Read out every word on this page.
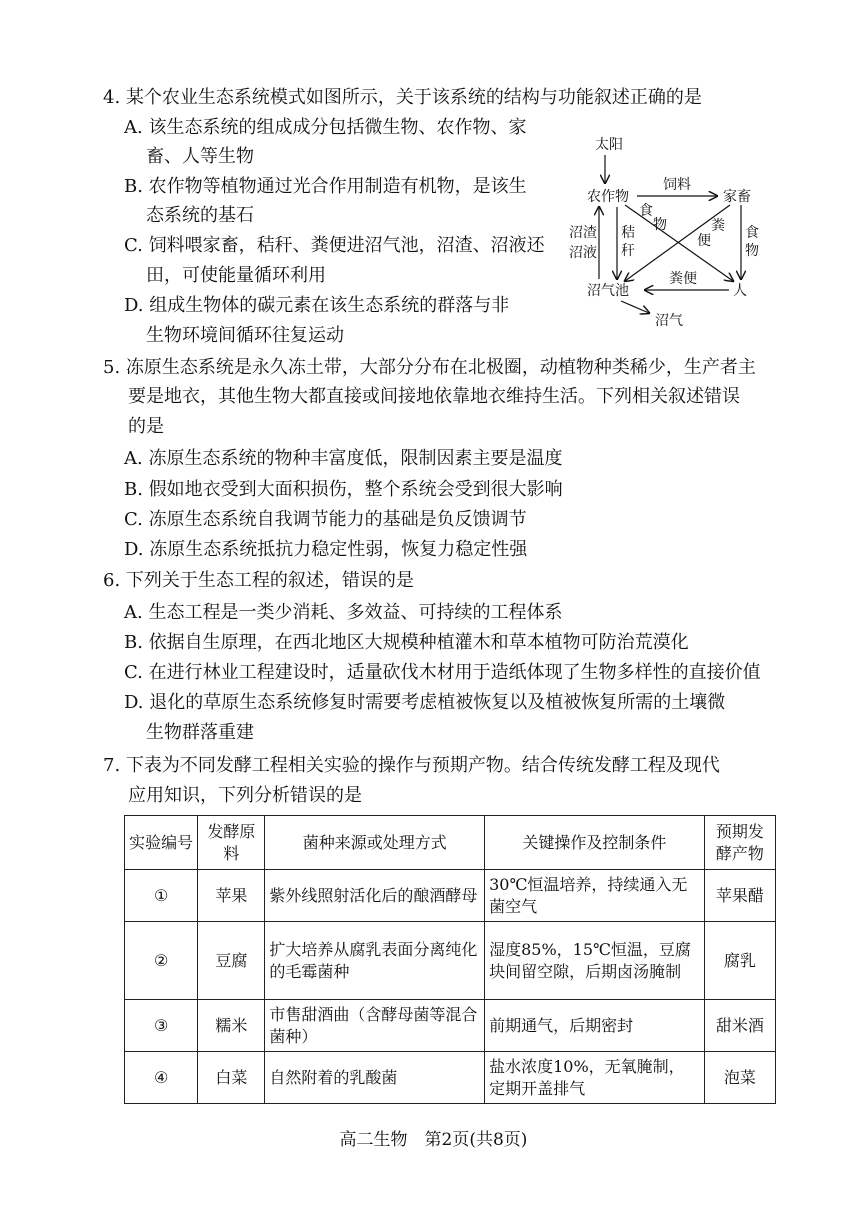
4. 某个农业生态系统模式如图所示，关于该系统的结构与功能叙述正确的是
A. 该生态系统的组成成分包括微生物、农作物、家
畜、人等生物
B. 农作物等植物通过光合作用制造有机物，是该生
态系统的基石
C. 饲料喂家畜，秸秆、粪便进沼气池，沼渣、沼液还
田，可使能量循环利用
D. 组成生物体的碳元素在该生态系统的群落与非
生物环境间循环往复运动
太阳
农作物	家畜
沼气池	人
饲料
食
物	粪
便
沼渣
沼液
秸
秆
食
物
粪便
沼气
5. 冻原生态系统是永久冻土带，大部分分布在北极圈，动植物种类稀少，生产者主
要是地衣，其他生物大都直接或间接地依靠地衣维持生活。下列相关叙述错误
的是
A. 冻原生态系统的物种丰富度低，限制因素主要是温度
B. 假如地衣受到大面积损伤，整个系统会受到很大影响
C. 冻原生态系统自我调节能力的基础是负反馈调节
D. 冻原生态系统抵抗力稳定性弱，恢复力稳定性强
6. 下列关于生态工程的叙述，错误的是
A. 生态工程是一类少消耗、多效益、可持续的工程体系
B. 依据自生原理，在西北地区大规模种植灌木和草本植物可防治荒漠化
C. 在进行林业工程建设时，适量砍伐木材用于造纸体现了生物多样性的直接价值
D. 退化的草原生态系统修复时需要考虑植被恢复以及植被恢复所需的土壤微
生物群落重建
7. 下表为不同发酵工程相关实验的操作与预期产物。结合传统发酵工程及现代
应用知识，下列分析错误的是
实验编号	发酵原料	菌种来源或处理方式	关键操作及控制条件	预期发酵产物
①	苹果	紫外线照射活化后的酿酒酵母	30℃恒温培养，持续通入无菌空气	苹果醋
②	豆腐	扩大培养从腐乳表面分离纯化的毛霉菌种	湿度85%，15℃恒温，豆腐块间留空隙，后期卤汤腌制	腐乳
③	糯米	市售甜酒曲（含酵母菌等混合菌种）	前期通气，后期密封	甜米酒
④	白菜	自然附着的乳酸菌	盐水浓度10%，无氧腌制，定期开盖排气	泡菜
高二生物　第2页(共8页)
